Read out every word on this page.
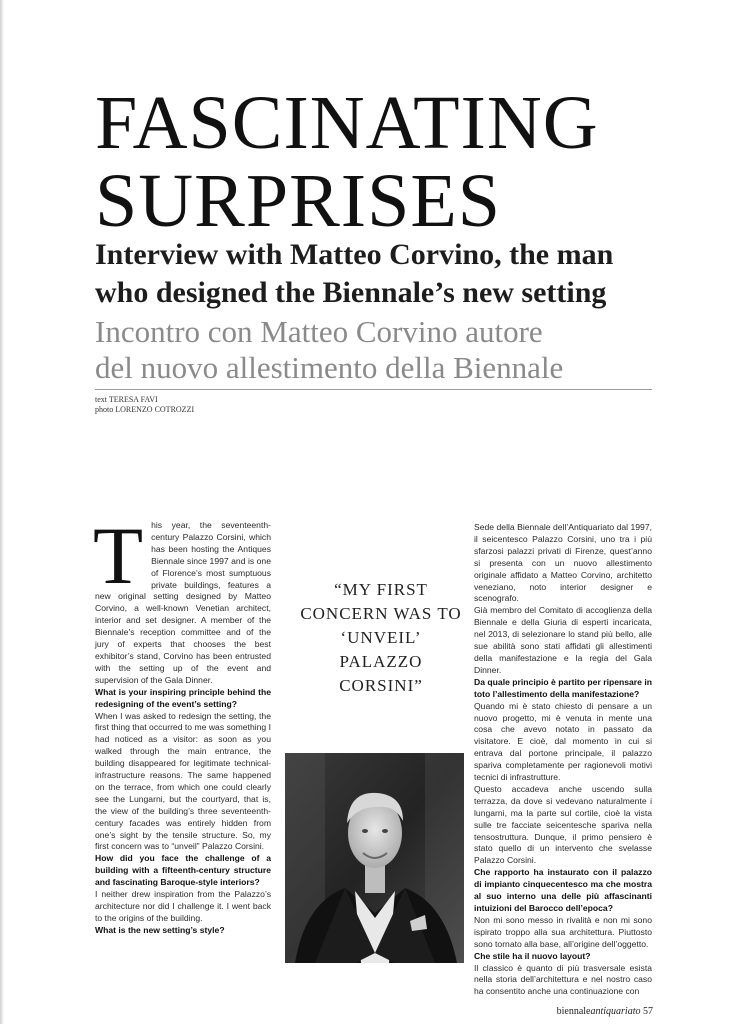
FASCINATING
SURPRISES
Interview with Matteo Corvino, the man
who designed the Biennale’s new setting
Incontro con Matteo Corvino autore
del nuovo allestimento della Biennale
text TERESA FAVI
photo LORENZO COTROZZI

This year, the seventeenth-century Palazzo Corsini, which has been hosting the Antiques Biennale since 1997 and is one of Florence’s most sumptuous private buildings, features a new original setting designed by Matteo Corvino, a well-known Venetian architect, interior and set designer. A member of the Biennale’s reception committee and of the jury of experts that chooses the best exhibitor’s stand, Corvino has been entrusted with the setting up of the event and supervision of the Gala Dinner.

What is your inspiring principle behind the redesigning of the event’s setting?

When I was asked to redesign the setting, the first thing that occurred to me was something I had noticed as a visitor: as soon as you walked through the main entrance, the building disappeared for legitimate technical-infrastructure reasons. The same happened on the terrace, from which one could clearly see the Lungarni, but the courtyard, that is, the view of the building’s three seventeenth-century facades was entirely hidden from one’s sight by the tensile structure. So, my first concern was to “unveil” Palazzo Corsini.

How did you face the challenge of a building with a fifteenth-century structure and fascinating Baroque-style interiors?

I neither drew inspiration from the Palazzo’s architecture nor did I challenge it. I went back to the origins of the building.

What is the new setting’s style?

“MY FIRST CONCERN WAS TO ‘UNVEIL’ PALAZZO CORSINI”

Sede della Biennale dell’Antiquariato dal 1997, il seicentesco Palazzo Corsini, uno tra i più sfarzosi palazzi privati di Firenze, quest’anno si presenta con un nuovo allestimento originale affidato a Matteo Corvino, architetto veneziano, noto interior designer e scenografo.

Già membro del Comitato di accoglienza della Biennale e della Giuria di esperti incaricata, nel 2013, di selezionare lo stand più bello, alle sue abilità sono stati affidati gli allestimenti della manifestazione e la regia del Gala Dinner.

Da quale principio è partito per ripensare in toto l’allestimento della manifestazione?

Quando mi è stato chiesto di pensare a un nuovo progetto, mi è venuta in mente una cosa che avevo notato in passato da visitatore. E cioè, dal momento in cui si entrava dal portone principale, il palazzo spariva completamente per ragionevoli motivi tecnici di infrastrutture.

Questo accadeva anche uscendo sulla terrazza, da dove si vedevano naturalmente i lungarni, ma la parte sul cortile, cioè la vista sulle tre facciate seicentesche spariva nella tensostruttura. Dunque, il primo pensiero è stato quello di un intervento che svelasse Palazzo Corsini.

Che rapporto ha instaurato con il palazzo di impianto cinquecentesco ma che mostra al suo interno una delle più affascinanti intuizioni del Barocco dell’epoca?

Non mi sono messo in rivalità e non mi sono ispirato troppo alla sua architettura. Piuttosto sono tornato alla base, all’origine dell’oggetto.

Che stile ha il nuovo layout?

Il classico è quanto di più trasversale esista nella storia dell’architettura e nel nostro caso ha consentito anche una continuazione con

biennaleantiquariato 57
